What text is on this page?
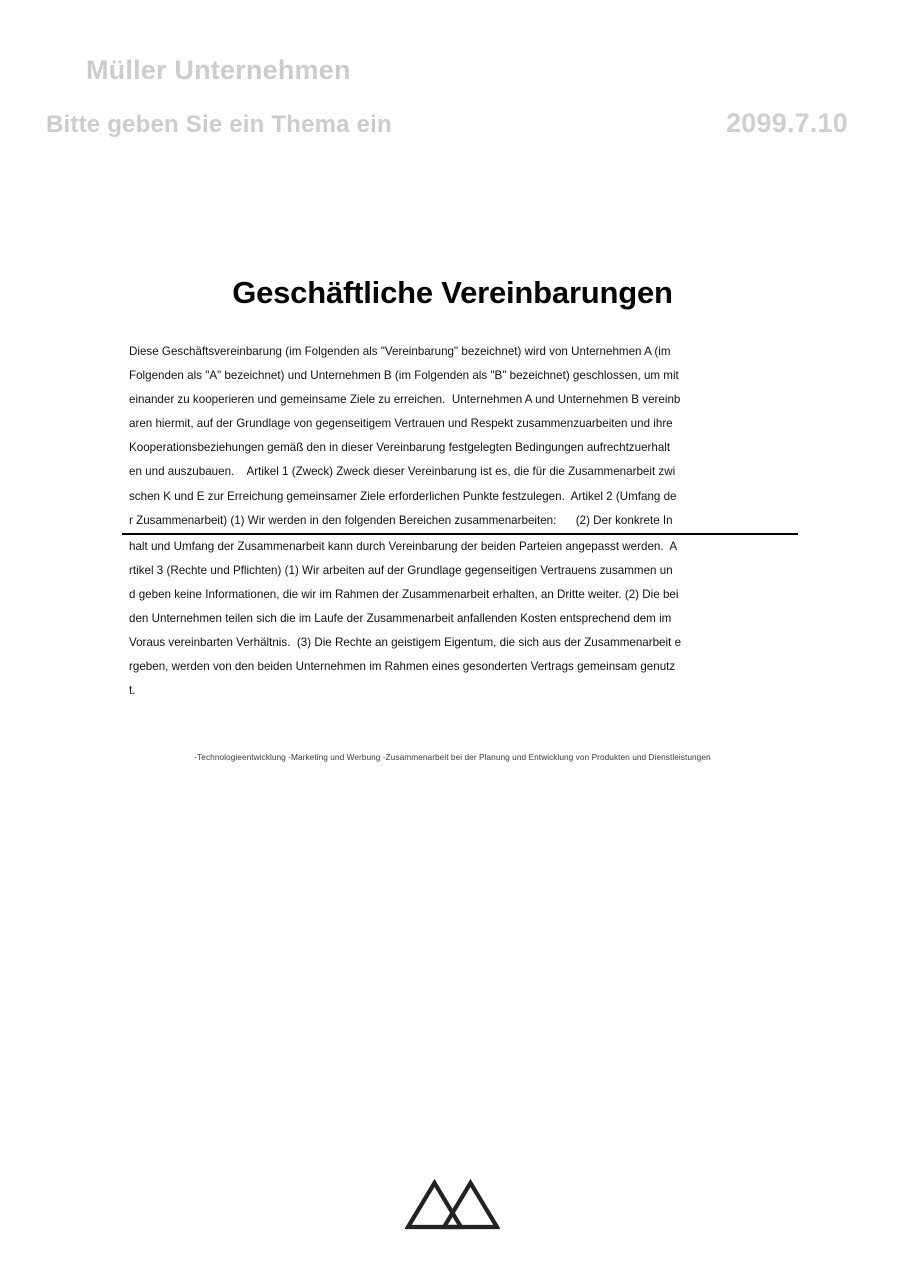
Müller Unternehmen
Bitte geben Sie ein Thema ein	2099.7.10
Geschäftliche Vereinbarungen
Diese Geschäftsvereinbarung (im Folgenden als "Vereinbarung" bezeichnet) wird von Unternehmen A (im
Folgenden als "A" bezeichnet) und Unternehmen B (im Folgenden als "B" bezeichnet) geschlossen, um mit
einander zu kooperieren und gemeinsame Ziele zu erreichen.  Unternehmen A und Unternehmen B vereinb
aren hiermit, auf der Grundlage von gegenseitigem Vertrauen und Respekt zusammenzuarbeiten und ihre
Kooperationsbeziehungen gemäß den in dieser Vereinbarung festgelegten Bedingungen aufrechtzuerhalt
en und auszubauen.    Artikel 1 (Zweck) Zweck dieser Vereinbarung ist es, die für die Zusammenarbeit zwi
schen K und E zur Erreichung gemeinsamer Ziele erforderlichen Punkte festzulegen.  Artikel 2 (Umfang de
r Zusammenarbeit) (1) Wir werden in den folgenden Bereichen zusammenarbeiten:      (2) Der konkrete In
halt und Umfang der Zusammenarbeit kann durch Vereinbarung der beiden Parteien angepasst werden.  A
rtikel 3 (Rechte und Pflichten) (1) Wir arbeiten auf der Grundlage gegenseitigen Vertrauens zusammen un
d geben keine Informationen, die wir im Rahmen der Zusammenarbeit erhalten, an Dritte weiter. (2) Die bei
den Unternehmen teilen sich die im Laufe der Zusammenarbeit anfallenden Kosten entsprechend dem im
Voraus vereinbarten Verhältnis.  (3) Die Rechte an geistigem Eigentum, die sich aus der Zusammenarbeit e
rgeben, werden von den beiden Unternehmen im Rahmen eines gesonderten Vertrags gemeinsam genutz
t.
-Technologieentwicklung -Marketing und Werbung -Zusammenarbeit bei der Planung und Entwicklung von Produkten und Dienstleistungen
